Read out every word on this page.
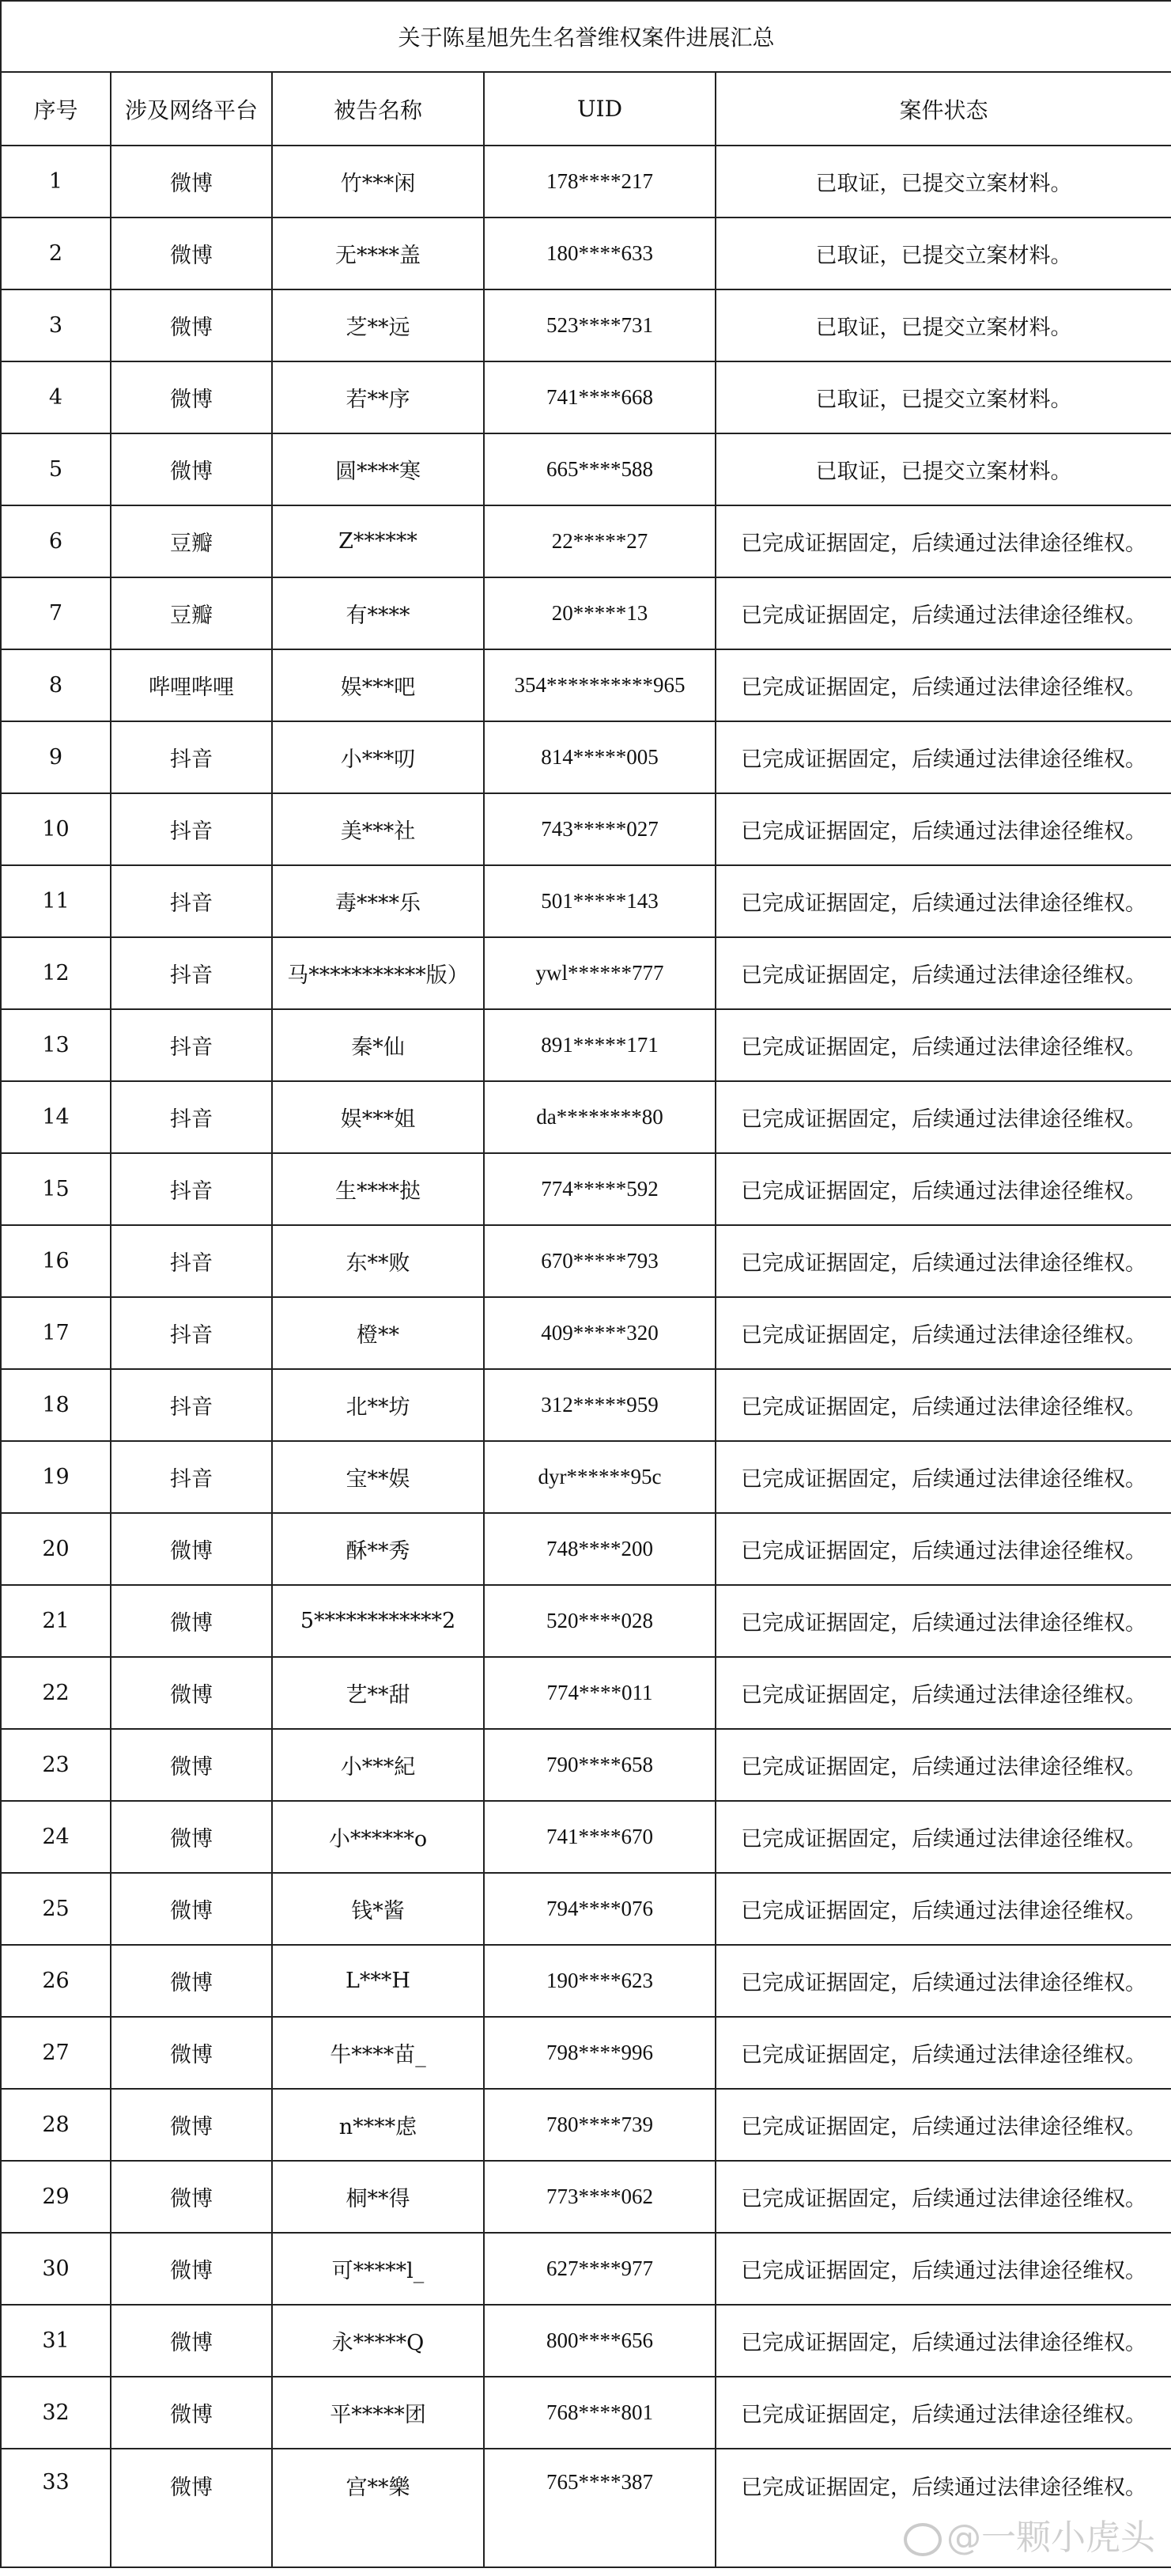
关于陈星旭先生名誉维权案件进展汇总				
序号	涉及网络平台	被告名称	UID	案件状态
1	微博	竹***闲	178****217	已取证，已提交立案材料。
2	微博	无****盖	180****633	已取证，已提交立案材料。
3	微博	芝**远	523****731	已取证，已提交立案材料。
4	微博	若**序	741****668	已取证，已提交立案材料。
5	微博	圆****寒	665****588	已取证，已提交立案材料。
6	豆瓣	Z******	22*****27	已完成证据固定，后续通过法律途径维权。
7	豆瓣	有****	20*****13	已完成证据固定，后续通过法律途径维权。
8	哔哩哔哩	娱***吧	354**********965	已完成证据固定，后续通过法律途径维权。
9	抖音	小***叨	814*****005	已完成证据固定，后续通过法律途径维权。
10	抖音	美***社	743*****027	已完成证据固定，后续通过法律途径维权。
11	抖音	毒****乐	501*****143	已完成证据固定，后续通过法律途径维权。
12	抖音	马***********版）	ywl******777	已完成证据固定，后续通过法律途径维权。
13	抖音	秦*仙	891*****171	已完成证据固定，后续通过法律途径维权。
14	抖音	娱***姐	da********80	已完成证据固定，后续通过法律途径维权。
15	抖音	生****挞	774*****592	已完成证据固定，后续通过法律途径维权。
16	抖音	东**败	670*****793	已完成证据固定，后续通过法律途径维权。
17	抖音	橙**	409*****320	已完成证据固定，后续通过法律途径维权。
18	抖音	北**坊	312*****959	已完成证据固定，后续通过法律途径维权。
19	抖音	宝**娱	dyr******95c	已完成证据固定，后续通过法律途径维权。
20	微博	酥**秀	748****200	已完成证据固定，后续通过法律途径维权。
21	微博	5************2	520****028	已完成证据固定，后续通过法律途径维权。
22	微博	艺**甜	774****011	已完成证据固定，后续通过法律途径维权。
23	微博	小***紀	790****658	已完成证据固定，后续通过法律途径维权。
24	微博	小******o	741****670	已完成证据固定，后续通过法律途径维权。
25	微博	钱*酱	794****076	已完成证据固定，后续通过法律途径维权。
26	微博	L***H	190****623	已完成证据固定，后续通过法律途径维权。
27	微博	牛****苗_	798****996	已完成证据固定，后续通过法律途径维权。
28	微博	n****虑	780****739	已完成证据固定，后续通过法律途径维权。
29	微博	桐**得	773****062	已完成证据固定，后续通过法律途径维权。
30	微博	可*****l_	627****977	已完成证据固定，后续通过法律途径维权。
31	微博	永*****Q	800****656	已完成证据固定，后续通过法律途径维权。
32	微博	平*****团	768****801	已完成证据固定，后续通过法律途径维权。
33	微博	宫**樂	765****387	已完成证据固定，后续通过法律途径维权。
@一颗小虎头
